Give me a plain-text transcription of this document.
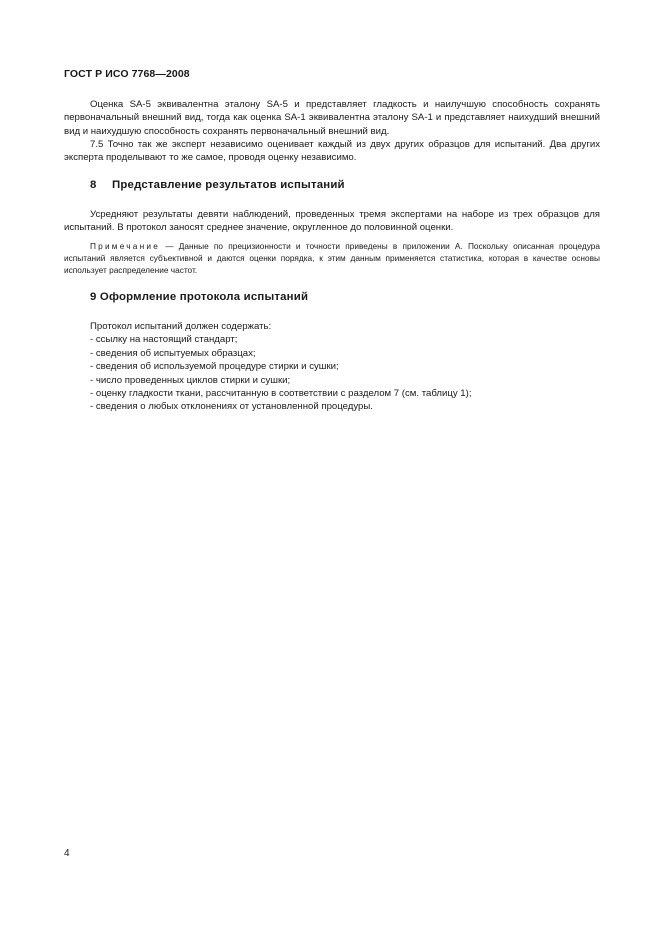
ГОСТ Р ИСО 7768—2008
Оценка SA-5 эквивалентна эталону SA-5 и представляет гладкость и наилучшую способность сохранять первоначальный внешний вид, тогда как оценка SA-1 эквивалентна эталону SA-1 и представляет наихудший внешний вид и наихудшую способность сохранять первоначальный внешний вид.
7.5 Точно так же эксперт независимо оценивает каждый из двух других образцов для испытаний. Два других эксперта проделывают то же самое, проводя оценку независимо.
8 Представление результатов испытаний
Усредняют результаты девяти наблюдений, проведенных тремя экспертами на наборе из трех образцов для испытаний. В протокол заносят среднее значение, округленное до половинной оценки.
Примечание — Данные по прецизионности и точности приведены в приложении А. Поскольку описанная процедура испытаний является субъективной и даются оценки порядка, к этим данным применяется статистика, которая в качестве основы использует распределение частот.
9 Оформление протокола испытаний
Протокол испытаний должен содержать:
- ссылку на настоящий стандарт;
- сведения об испытуемых образцах;
- сведения об используемой процедуре стирки и сушки;
- число проведенных циклов стирки и сушки;
- оценку гладкости ткани, рассчитанную в соответствии с разделом 7 (см. таблицу 1);
- сведения о любых отклонениях от установленной процедуры.
4
